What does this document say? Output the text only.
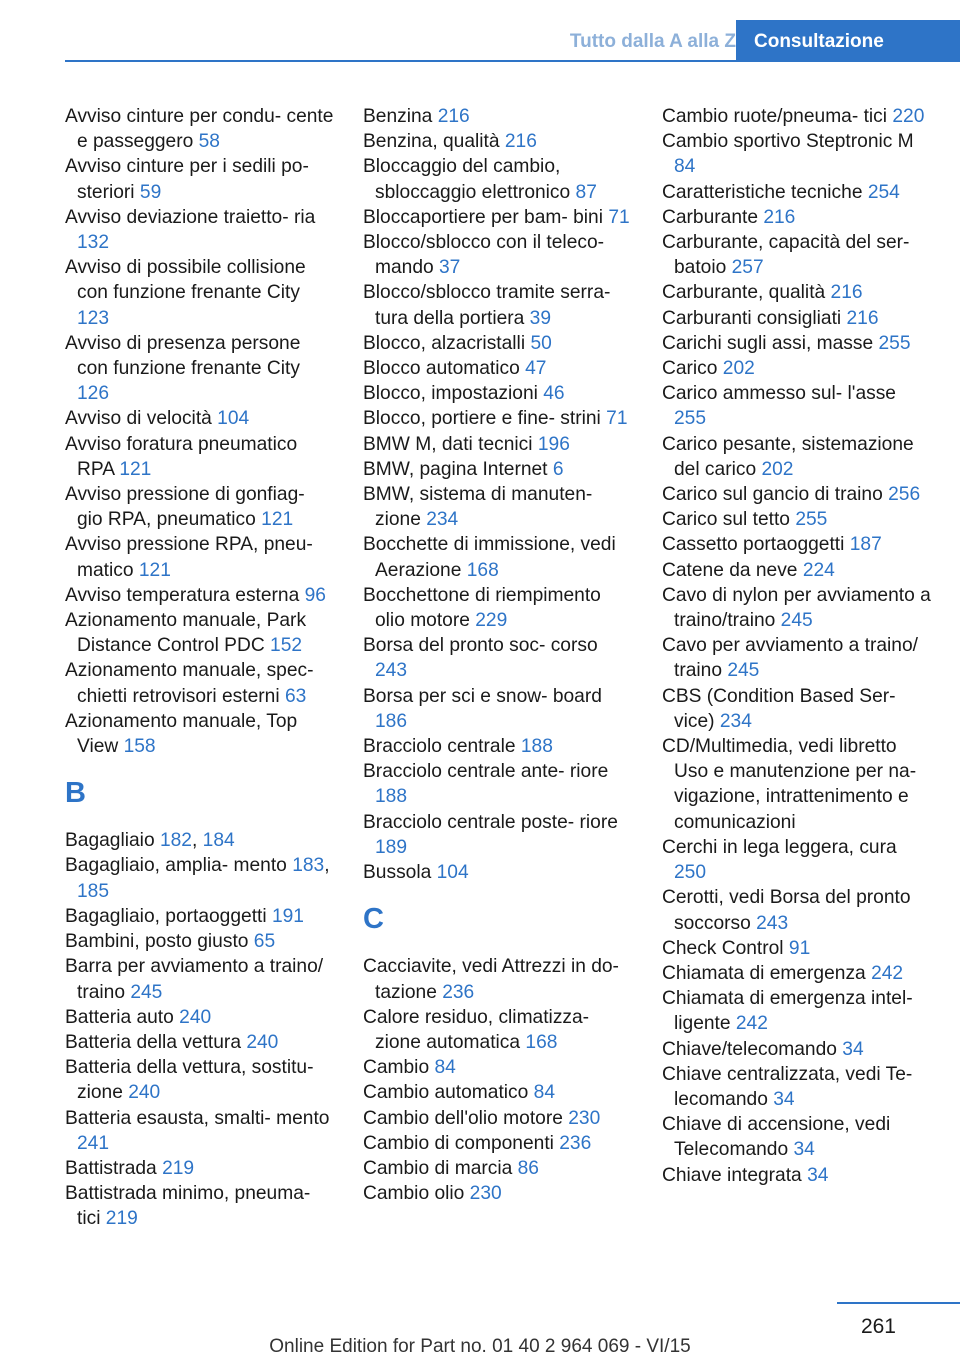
Tutto dalla A alla Z Consultazione
Avviso cinture per condu‐ cente e passeggero 58
Avviso cinture per i sedili po‐ steriori 59
Avviso deviazione traietto‐ ria 132
Avviso di possibile collisione con funzione frenante City 123
Avviso di presenza persone con funzione frenante City 126
Avviso di velocità 104
Avviso foratura pneumatico RPA 121
Avviso pressione di gonfiag‐ gio RPA, pneumatico 121
Avviso pressione RPA, pneu‐ matico 121
Avviso temperatura esterna 96
Azionamento manuale, Park Distance Control PDC 152
Azionamento manuale, spec‐ chietti retrovisori esterni 63
Azionamento manuale, Top View 158
B
Bagagliaio 182, 184
Bagagliaio, amplia‐ mento 183, 185
Bagagliaio, portaoggetti 191
Bambini, posto giusto 65
Barra per avviamento a traino/ traino 245
Batteria auto 240
Batteria della vettura 240
Batteria della vettura, sostitu‐ zione 240
Batteria esausta, smalti‐ mento 241
Battistrada 219
Battistrada minimo, pneuma‐ tici 219
Benzina 216
Benzina, qualità 216
Bloccaggio del cambio, sbloccaggio elettronico 87
Bloccaportiere per bam‐ bini 71
Blocco/sblocco con il teleco‐ mando 37
Blocco/sblocco tramite serra‐ tura della portiera 39
Blocco, alzacristalli 50
Blocco automatico 47
Blocco, impostazioni 46
Blocco, portiere e fine‐ strini 71
BMW M, dati tecnici 196
BMW, pagina Internet 6
BMW, sistema di manuten‐ zione 234
Bocchette di immissione, vedi Aerazione 168
Bocchettone di riempimento olio motore 229
Borsa del pronto soc‐ corso 243
Borsa per sci e snow‐ board 186
Bracciolo centrale 188
Bracciolo centrale ante‐ riore 188
Bracciolo centrale poste‐ riore 189
Bussola 104
C
Cacciavite, vedi Attrezzi in do‐ tazione 236
Calore residuo, climatizza‐ zione automatica 168
Cambio 84
Cambio automatico 84
Cambio dell'olio motore 230
Cambio di componenti 236
Cambio di marcia 86
Cambio olio 230
Cambio ruote/pneuma‐ tici 220
Cambio sportivo Steptronic M 84
Caratteristiche tecniche 254
Carburante 216
Carburante, capacità del ser‐ batoio 257
Carburante, qualità 216
Carburanti consigliati 216
Carichi sugli assi, masse 255
Carico 202
Carico ammesso sul‐ l'asse 255
Carico pesante, sistemazione del carico 202
Carico sul gancio di traino 256
Carico sul tetto 255
Cassetto portaoggetti 187
Catene da neve 224
Cavo di nylon per avviamento a traino/traino 245
Cavo per avviamento a traino/ traino 245
CBS (Condition Based Ser‐ vice) 234
CD/Multimedia, vedi libretto Uso e manutenzione per na‐ vigazione, intrattenimento e comunicazioni
Cerchi in lega leggera, cura 250
Cerotti, vedi Borsa del pronto soccorso 243
Check Control 91
Chiamata di emergenza 242
Chiamata di emergenza intel‐ ligente 242
Chiave/telecomando 34
Chiave centralizzata, vedi Te‐ lecomando 34
Chiave di accensione, vedi Telecomando 34
Chiave integrata 34
261
Online Edition for Part no. 01 40 2 964 069 - VI/15
